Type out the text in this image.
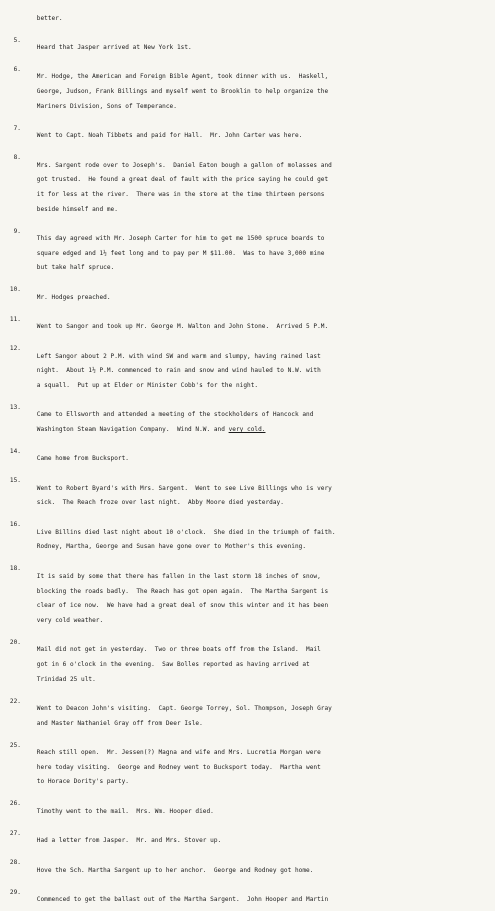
better.

5.

Heard that Jasper arrived at New York 1st.

6.

Mr. Hodge, the American and Foreign Bible Agent, took dinner with us.  Haskell,

George, Judson, Frank Billings and myself went to Brooklin to help organize the

Mariners Division, Sons of Temperance.

7.

Went to Capt. Noah Tibbets and paid for Hall.  Mr. John Carter was here.

8.

Mrs. Sargent rode over to Joseph's.  Daniel Eaton bough a gallon of molasses and

got trusted.  He found a great deal of fault with the price saying he could get

it for less at the river.  There was in the store at the time thirteen persons

beside himself and me.

9.

This day agreed with Mr. Joseph Carter for him to get me 1500 spruce boards to

square edged and 1½ feet long and to pay per M $11.00.  Was to have 3,000 mine

but take half spruce.

10.

Mr. Hodges preached.

11.

Went to Sangor and took up Mr. George M. Walton and John Stone.  Arrived 5 P.M.

12.

Left Sangor about 2 P.M. with wind SW and warm and slumpy, having rained last

night.  About 1½ P.M. commenced to rain and snow and wind hauled to N.W. with

a squall.  Put up at Elder or Minister Cobb's for the night.

13.

Came to Ellsworth and attended a meeting of the stockholders of Hancock and

Washington Steam Navigation Company.  Wind N.W. and very cold.

14.

Came home from Bucksport.

15.

Went to Robert Byard's with Mrs. Sargent.  Went to see Live Billings who is very

sick.  The Reach froze over last night.  Abby Moore died yesterday.

16.

Live Billins died last night about 10 o'clock.  She died in the triumph of faith.

Rodney, Martha, George and Susan have gone over to Mother's this evening.

18.

It is said by some that there has fallen in the last storm 18 inches of snow,

blocking the roads badly.  The Reach has got open again.  The Martha Sargent is

clear of ice now.  We have had a great deal of snow this winter and it has been

very cold weather.

20.

Mail did not get in yesterday.  Two or three boats off from the Island.  Mail

got in 6 o'clock in the evening.  Saw Bolles reported as having arrived at

Trinidad 25 ult.

22.

Went to Deacon John's visiting.  Capt. George Torrey, Sol. Thompson, Joseph Gray

and Master Nathaniel Gray off from Deer Isle.

25.

Reach still open.  Mr. Jessen(?) Magna and wife and Mrs. Lucretia Morgan were

here today visiting.  George and Rodney went to Bucksport today.  Martha went

to Horace Dority's party.

26.

Timothy went to the mail.  Mrs. Wm. Hooper died.

27.

Had a letter from Jasper.  Mr. and Mrs. Stover up.

28.

Hove the Sch. Martha Sargent up to her anchor.  George and Rodney got home.

29.

Commenced to get the ballast out of the Martha Sargent.  John Hooper and Martin
